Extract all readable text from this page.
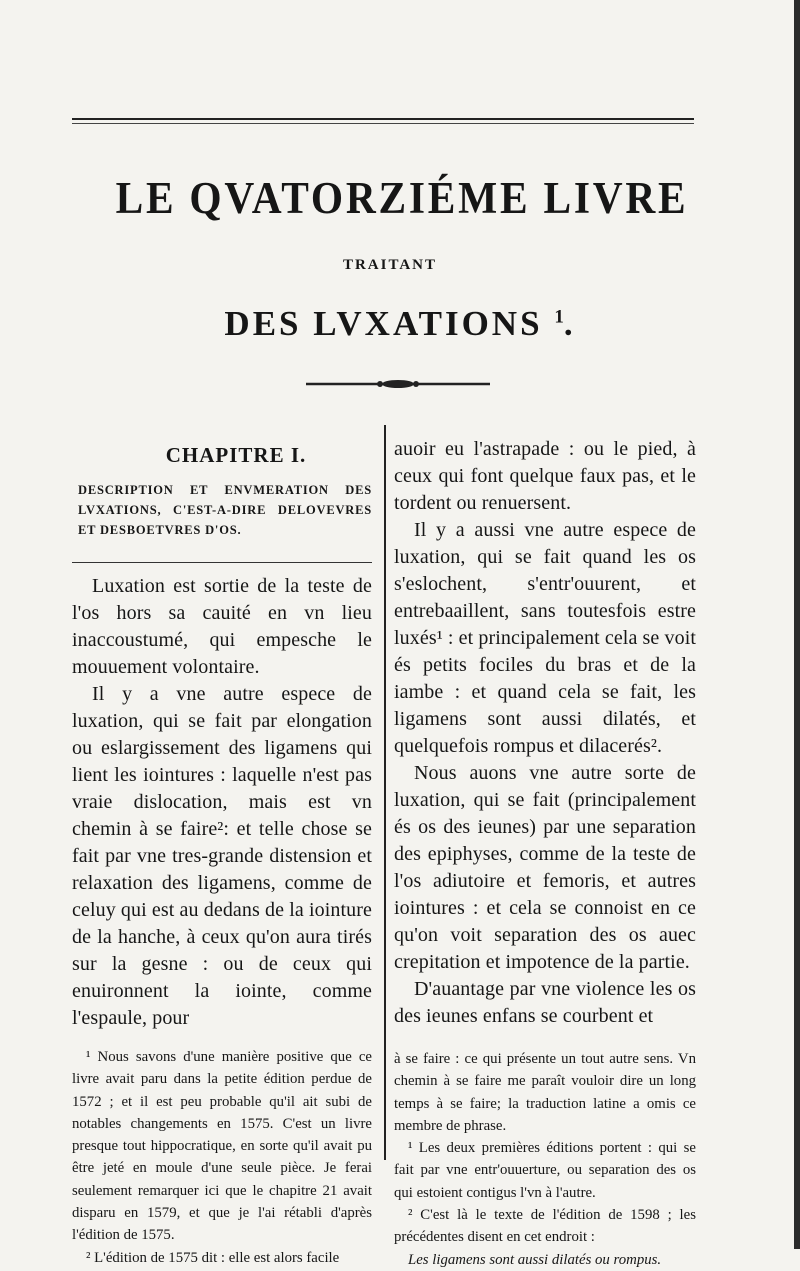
LE QVATORZIÉME LIVRE
TRAITANT
DES LVXATIONS $^1$.
CHAPITRE I.
DESCRIPTION ET ENVMERATION DES LVXATIONS, C'EST-A-DIRE DELOVEVRES ET DESBOETVRES D'OS.

Luxation est sortie de la teste de l'os hors sa cauité en vn lieu inaccoustumé, qui empesche le mouuement volontaire.

Il y a vne autre espece de luxation, qui se fait par elongation ou eslargissement des ligamens qui lient les iointures : laquelle n'est pas vraie dislocation, mais est vn chemin à se faire²: et telle chose se fait par vne tres-grande distension et relaxation des ligamens, comme de celuy qui est au dedans de la iointure de la hanche, à ceux qu'on aura tirés sur la gesne : ou de ceux qui enuironnent la iointe, comme l'espaule, pour

¹ Nous savons d'une manière positive que ce livre avait paru dans la petite édition perdue de 1572 ; et il est peu probable qu'il ait subi de notables changements en 1575. C'est un livre presque tout hippocratique, en sorte qu'il avait pu être jeté en moule d'une seule pièce. Je ferai seulement remarquer ici que le chapitre 21 avait disparu en 1579, et que je l'ai rétabli d'après l'édition de 1575.

² L'édition de 1575 dit : elle est alors facile

auoir eu l'astrapade : ou le pied, à ceux qui font quelque faux pas, et le tordent ou renuersent.

Il y a aussi vne autre espece de luxation, qui se fait quand les os s'eslochent, s'entr'ouurent, et entrebaaillent, sans toutesfois estre luxés¹ : et principalement cela se voit és petits fociles du bras et de la iambe : et quand cela se fait, les ligamens sont aussi dilatés, et quelquefois rompus et dilacerés².

Nous auons vne autre sorte de luxation, qui se fait (principalement és os des ieunes) par une separation des epiphyses, comme de la teste de l'os adiutoire et femoris, et autres iointures : et cela se connoist en ce qu'on voit separation des os auec crepitation et impotence de la partie.

D'auantage par vne violence les os des ieunes enfans se courbent et

à se faire : ce qui présente un tout autre sens. Vn chemin à se faire me paraît vouloir dire un long temps à se faire; la traduction latine a omis ce membre de phrase.

¹ Les deux premières éditions portent : qui se fait par vne entr'ouuerture, ou separation des os qui estoient contigus l'vn à l'autre.

² C'est là le texte de l'édition de 1598 ; les précédentes disent en cet endroit :

Les ligamens sont aussi dilatés ou rompus.
